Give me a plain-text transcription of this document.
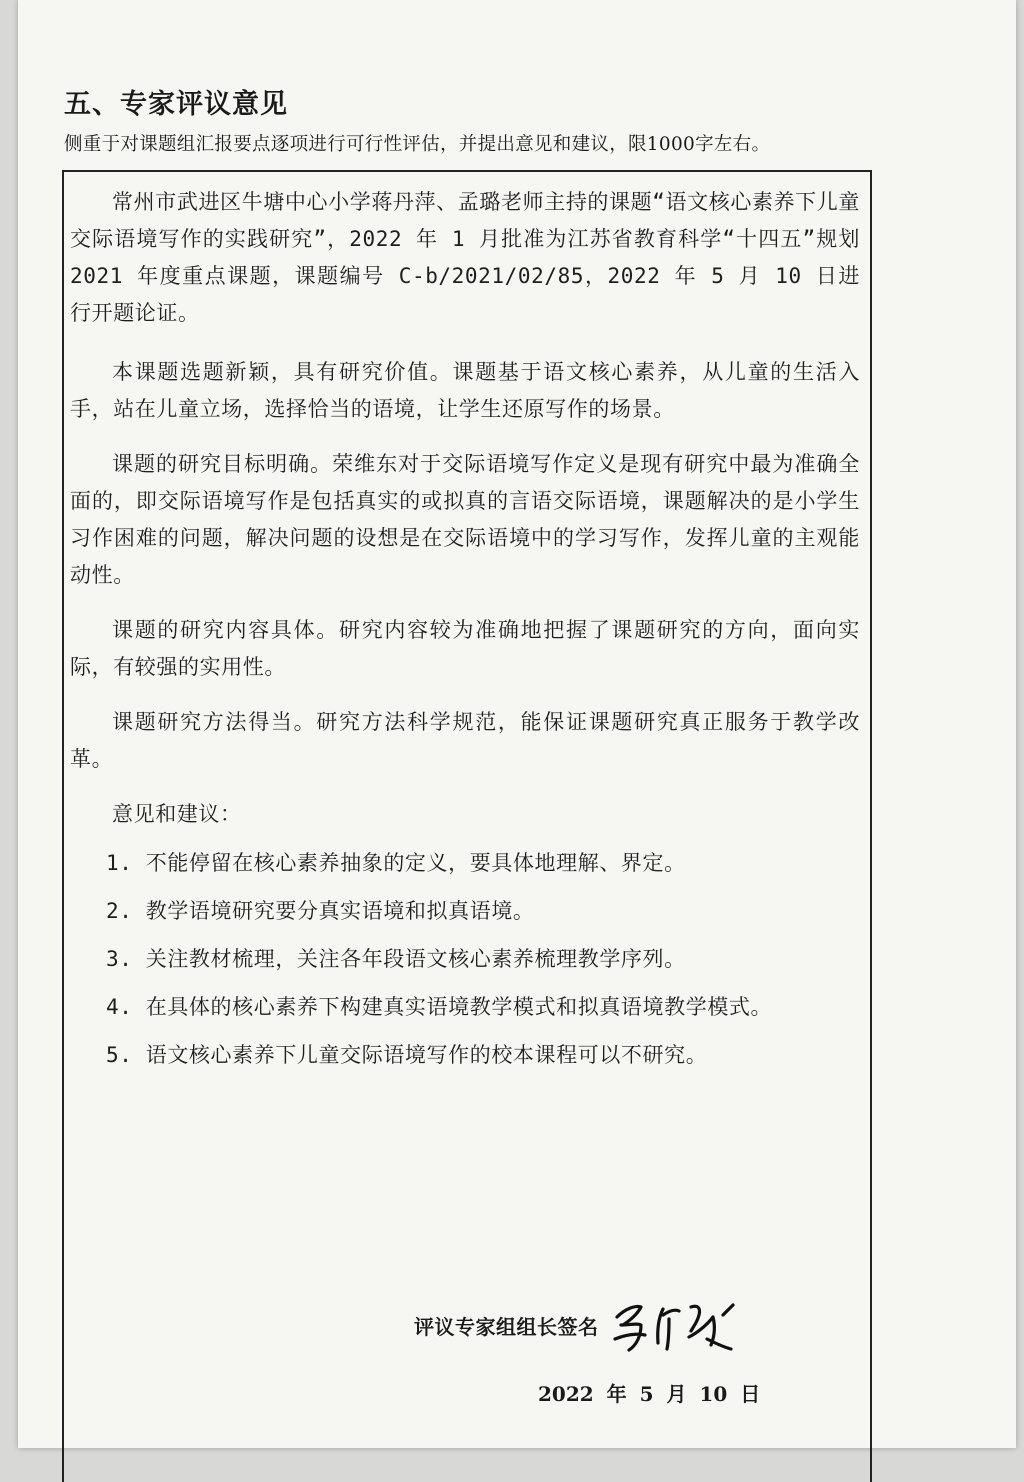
五、专家评议意见
侧重于对课题组汇报要点逐项进行可行性评估，并提出意见和建议，限1000字左右。

常州市武进区牛塘中心小学蒋丹萍、孟璐老师主持的课题“语文核心素养下儿童交际语境写作的实践研究”，2022 年 1 月批准为江苏省教育科学“十四五”规划 2021 年度重点课题，课题编号 C-b/2021/02/85，2022 年 5 月 10 日进行开题论证。

本课题选题新颖，具有研究价值。课题基于语文核心素养，从儿童的生活入手，站在儿童立场，选择恰当的语境，让学生还原写作的场景。

课题的研究目标明确。荣维东对于交际语境写作定义是现有研究中最为准确全面的，即交际语境写作是包括真实的或拟真的言语交际语境，课题解决的是小学生习作困难的问题，解决问题的设想是在交际语境中的学习写作，发挥儿童的主观能动性。

课题的研究内容具体。研究内容较为准确地把握了课题研究的方向，面向实际，有较强的实用性。

课题研究方法得当。研究方法科学规范，能保证课题研究真正服务于教学改革。

意见和建议：

1. 不能停留在核心素养抽象的定义，要具体地理解、界定。

2. 教学语境研究要分真实语境和拟真语境。

3. 关注教材梳理，关注各年段语文核心素养梳理教学序列。

4. 在具体的核心素养下构建真实语境教学模式和拟真语境教学模式。

5. 语文核心素养下儿童交际语境写作的校本课程可以不研究。

评议专家组组长签名
2022 年 5 月 10 日
